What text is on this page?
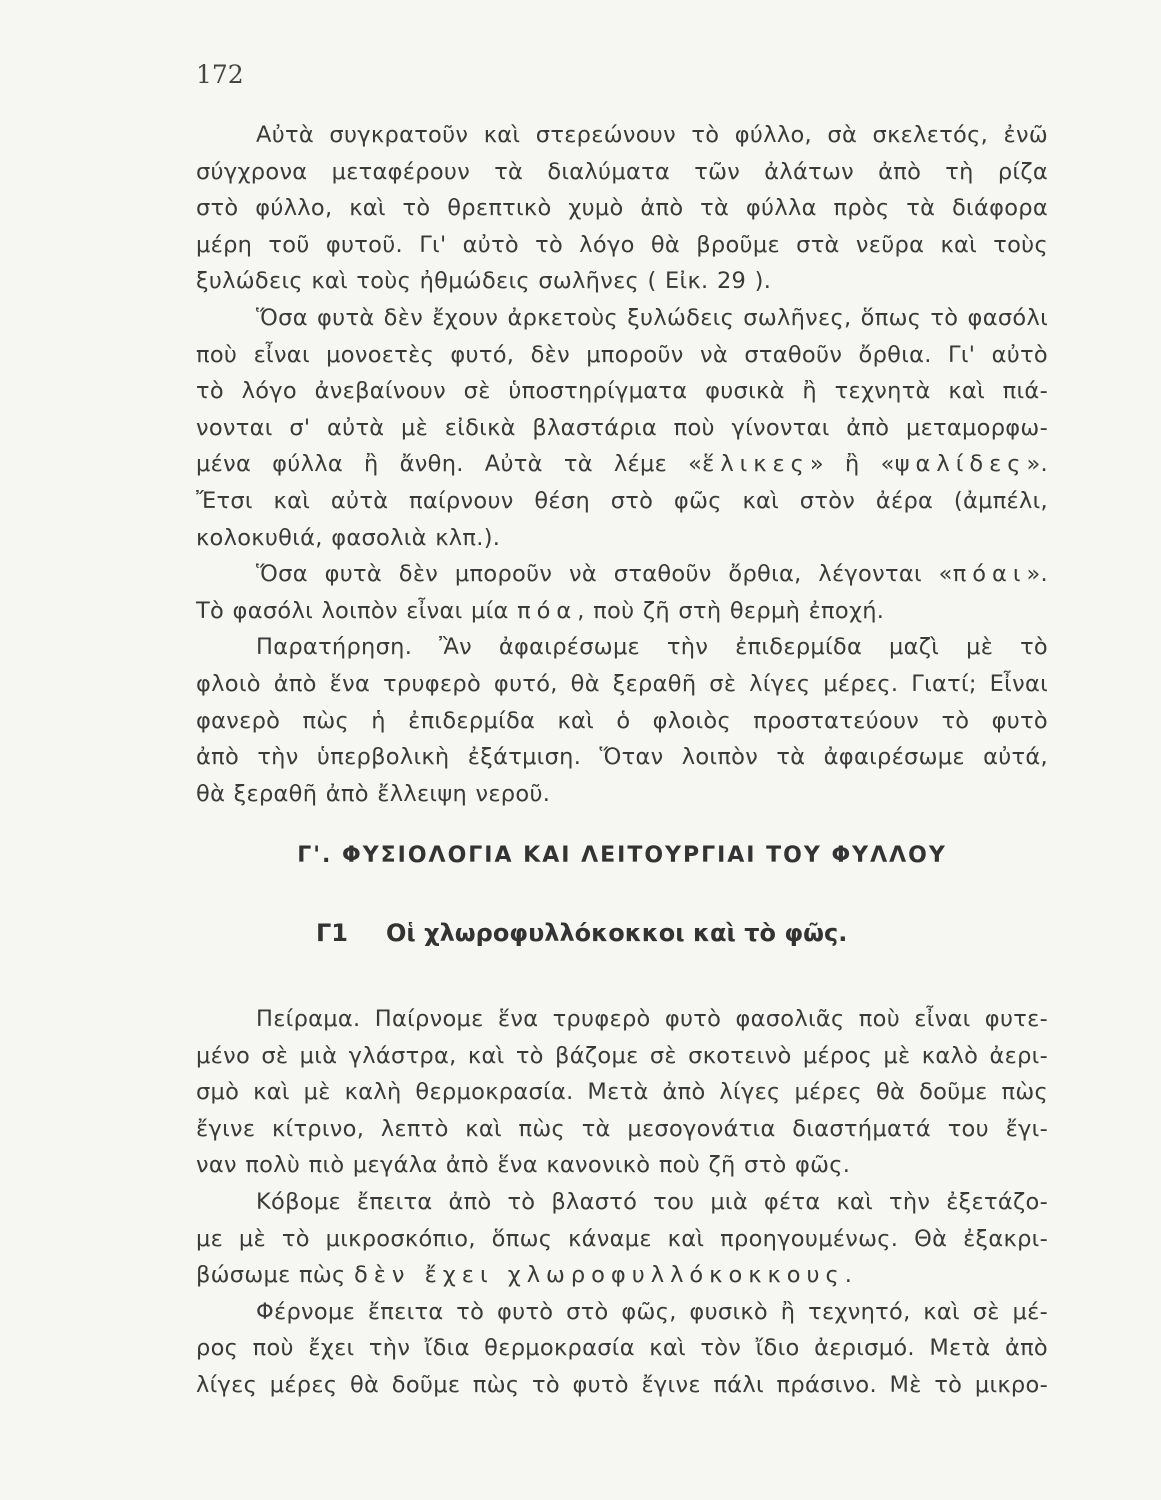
172
Αὐτὰ συγκρατοῦν καὶ στερεώνουν τὸ φύλλο, σὰ σκελετός, ἐνῶ
σύγχρονα μεταφέρουν τὰ διαλύματα τῶν ἀλάτων ἀπὸ τὴ ρίζα
στὸ φύλλο, καὶ τὸ θρεπτικὸ χυμὸ ἀπὸ τὰ φύλλα πρὸς τὰ διάφορα
μέρη τοῦ φυτοῦ. Γι' αὐτὸ τὸ λόγο θὰ βροῦμε στὰ νεῦρα καὶ τοὺς
ξυλώδεις καὶ τοὺς ἠθμώδεις σωλῆνες ( Εἰκ. 29 ).
Ὅσα φυτὰ δὲν ἔχουν ἀρκετοὺς ξυλώδεις σωλῆνες, ὅπως τὸ φασόλι
ποὺ εἶναι μονοετὲς φυτό, δὲν μποροῦν νὰ σταθοῦν ὄρθια. Γι' αὐτὸ
τὸ λόγο ἀνεβαίνουν σὲ ὑποστηρίγματα φυσικὰ ἢ τεχνητὰ καὶ πιά-
νονται σ' αὐτὰ μὲ εἰδικὰ βλαστάρια ποὺ γίνονται ἀπὸ μεταμορφω-
μένα φύλλα ἢ ἄνθη. Αὐτὰ τὰ λέμε «ἕλικες» ἢ «ψαλίδες».
Ἔτσι καὶ αὐτὰ παίρνουν θέση στὸ φῶς καὶ στὸν ἀέρα (ἀμπέλι,
κολοκυθιά, φασολιὰ κλπ.).
Ὅσα φυτὰ δὲν μποροῦν νὰ σταθοῦν ὄρθια, λέγονται «πόαι».
Τὸ φασόλι λοιπὸν εἶναι μία πόα, ποὺ ζῆ στὴ θερμὴ ἐποχή.
Παρατήρηση. Ἂν ἀφαιρέσωμε τὴν ἐπιδερμίδα μαζὶ μὲ τὸ
φλοιὸ ἀπὸ ἕνα τρυφερὸ φυτό, θὰ ξεραθῆ σὲ λίγες μέρες. Γιατί; Εἶναι
φανερὸ πὼς ἡ ἐπιδερμίδα καὶ ὁ φλοιὸς προστατεύουν τὸ φυτὸ
ἀπὸ τὴν ὑπερβολικὴ ἐξάτμιση. Ὅταν λοιπὸν τὰ ἀφαιρέσωμε αὐτά,
θὰ ξεραθῆ ἀπὸ ἔλλειψη νεροῦ.
Γ'. ΦΥΣΙΟΛΟΓΙΑ ΚΑΙ ΛΕΙΤΟΥΡΓΙΑΙ ΤΟΥ ΦΥΛΛΟΥ
Γ1 Οἱ χλωροφυλλόκοκκοι καὶ τὸ φῶς.
Πείραμα. Παίρνομε ἕνα τρυφερὸ φυτὸ φασολιᾶς ποὺ εἶναι φυτε-
μένο σὲ μιὰ γλάστρα, καὶ τὸ βάζομε σὲ σκοτεινὸ μέρος μὲ καλὸ ἀερι-
σμὸ καὶ μὲ καλὴ θερμοκρασία. Μετὰ ἀπὸ λίγες μέρες θὰ δοῦμε πὼς
ἔγινε κίτρινο, λεπτὸ καὶ πὼς τὰ μεσογονάτια διαστήματά του ἔγι-
ναν πολὺ πιὸ μεγάλα ἀπὸ ἕνα κανονικὸ ποὺ ζῆ στὸ φῶς.
Κόβομε ἔπειτα ἀπὸ τὸ βλαστό του μιὰ φέτα καὶ τὴν ἐξετάζο-
με μὲ τὸ μικροσκόπιο, ὅπως κάναμε καὶ προηγουμένως. Θὰ ἐξακρι-
βώσωμε πὼς δὲν ἔχει χλωροφυλλόκοκκους.
Φέρνομε ἔπειτα τὸ φυτὸ στὸ φῶς, φυσικὸ ἢ τεχνητό, καὶ σὲ μέ-
ρος ποὺ ἔχει τὴν ἴδια θερμοκρασία καὶ τὸν ἴδιο ἀερισμό. Μετὰ ἀπὸ
λίγες μέρες θὰ δοῦμε πὼς τὸ φυτὸ ἔγινε πάλι πράσινο. Μὲ τὸ μικρο-
